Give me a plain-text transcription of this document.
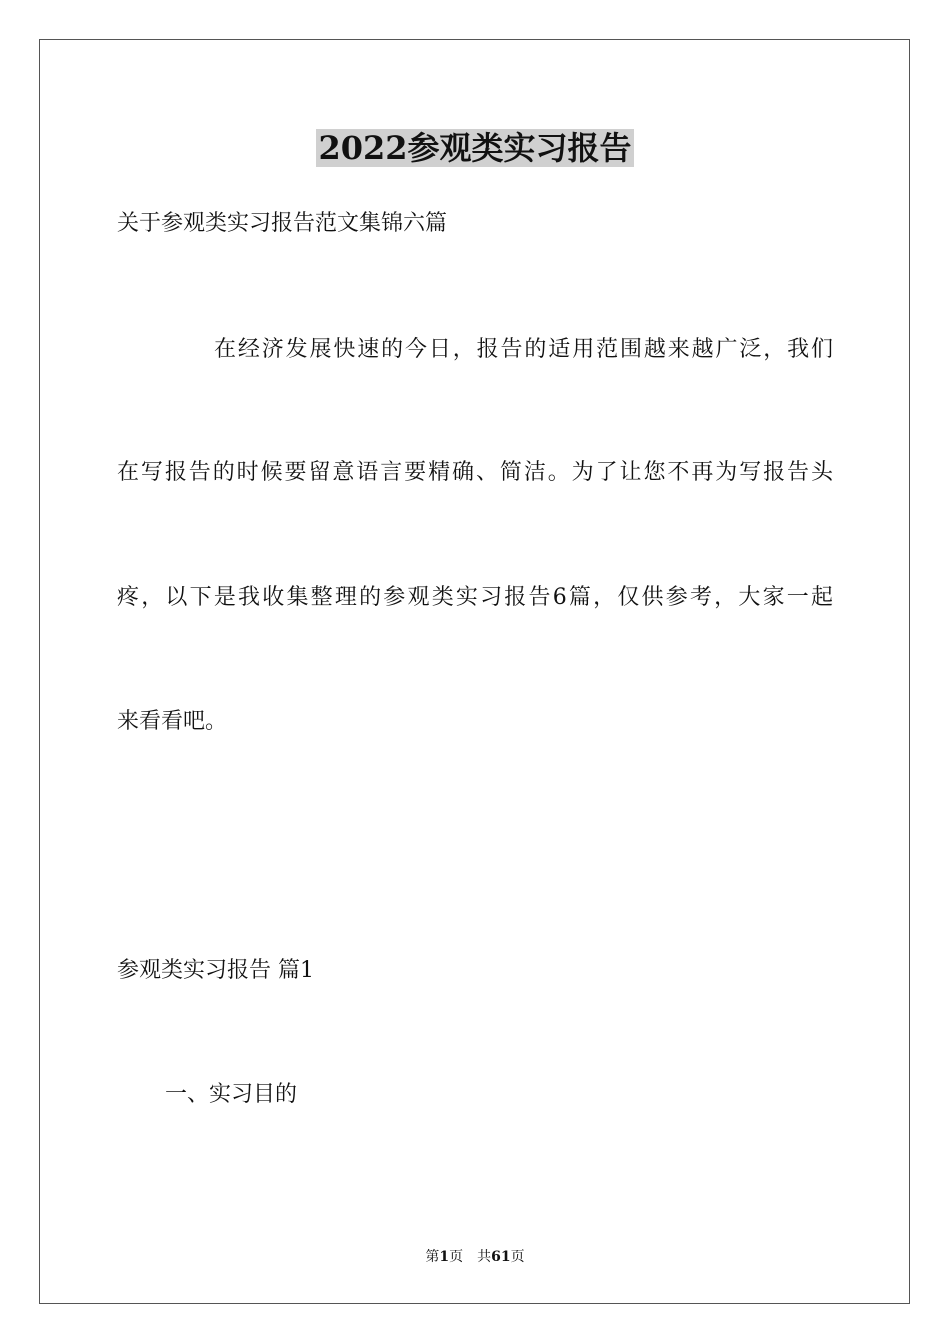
2022参观类实习报告
关于参观类实习报告范文集锦六篇
在经济发展快速的今日，报告的适用范围越来越广泛，我们
在写报告的时候要留意语言要精确、简洁。为了让您不再为写报告头
疼，以下是我收集整理的参观类实习报告6篇，仅供参考，大家一起
来看看吧。
参观类实习报告 篇1
一、实习目的
第1页 共61页
